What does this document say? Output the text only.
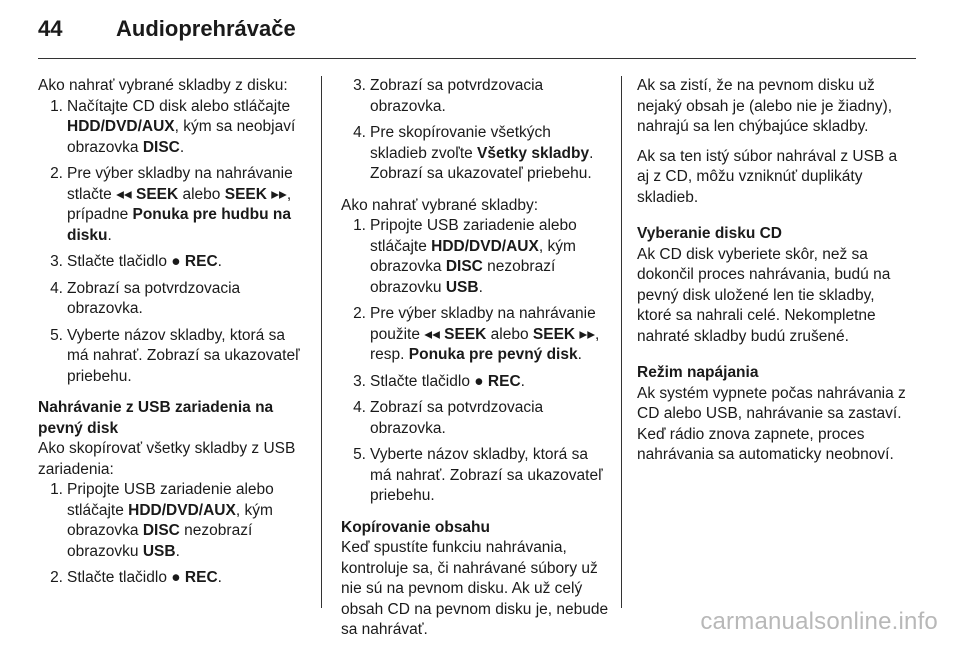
44	Audioprehrávače

Ako nahrať vybrané skladby z disku:

1. Načítajte CD disk alebo stláčajte HDD/DVD/AUX, kým sa neobjaví obrazovka DISC.
2. Pre výber skladby na nahrávanie stlačte ◂◂ SEEK alebo SEEK ▸▸, prípadne Ponuka pre hudbu na disku.
3. Stlačte tlačidlo ● REC.
4. Zobrazí sa potvrdzovacia obrazovka.
5. Vyberte názov skladby, ktorá sa má nahrať. Zobrazí sa ukazovateľ priebehu.
Nahrávanie z USB zariadenia na pevný disk

Ako skopírovať všetky skladby z USB zariadenia:

1. Pripojte USB zariadenie alebo stláčajte HDD/DVD/AUX, kým obrazovka DISC nezobrazí obrazovku USB.
2. Stlačte tlačidlo ● REC.
3. Zobrazí sa potvrdzovacia obrazovka.
4. Pre skopírovanie všetkých skladieb zvoľte Všetky skladby. Zobrazí sa ukazovateľ priebehu.

Ako nahrať vybrané skladby:

1. Pripojte USB zariadenie alebo stláčajte HDD/DVD/AUX, kým obrazovka DISC nezobrazí obrazovku USB.
2. Pre výber skladby na nahrávanie použite ◂◂ SEEK alebo SEEK ▸▸, resp. Ponuka pre pevný disk.
3. Stlačte tlačidlo ● REC.
4. Zobrazí sa potvrdzovacia obrazovka.
5. Vyberte názov skladby, ktorá sa má nahrať. Zobrazí sa ukazovateľ priebehu.
Kopírovanie obsahu

Keď spustíte funkciu nahrávania, kontroluje sa, či nahrávané súbory už nie sú na pevnom disku. Ak už celý obsah CD na pevnom disku je, nebude sa nahrávať.

Ak sa zistí, že na pevnom disku už nejaký obsah je (alebo nie je žiadny), nahrajú sa len chýbajúce skladby.

Ak sa ten istý súbor nahrával z USB a aj z CD, môžu vzniknúť duplikáty skladieb.

Vyberanie disku CD

Ak CD disk vyberiete skôr, než sa dokončil proces nahrávania, budú na pevný disk uložené len tie skladby, ktoré sa nahrali celé. Nekompletne nahraté skladby budú zrušené.

Režim napájania

Ak systém vypnete počas nahrávania z CD alebo USB, nahrávanie sa zastaví. Keď rádio znova zapnete, proces nahrávania sa automaticky neobnoví.

carmanualsonline.info
